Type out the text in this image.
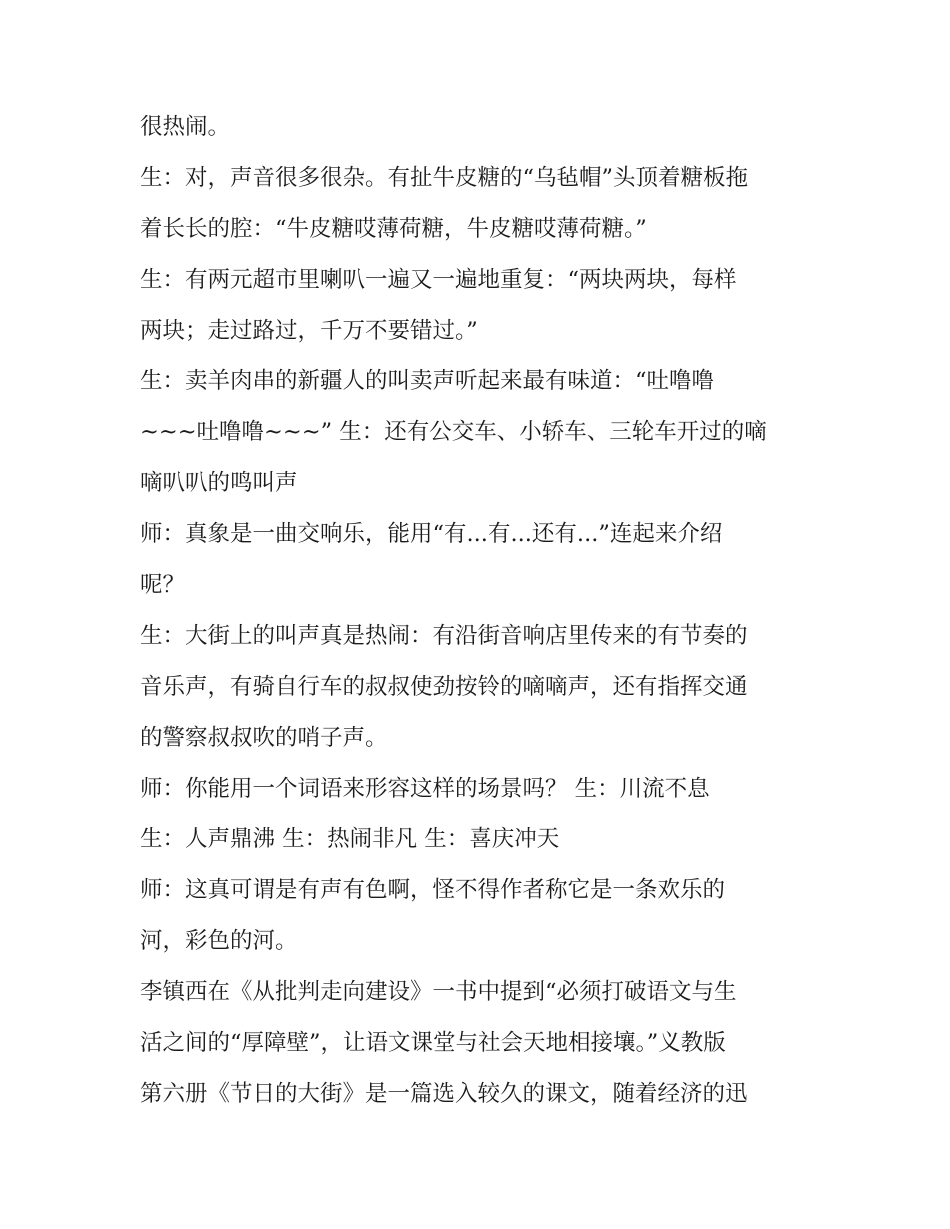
很热闹。
生：对，声音很多很杂。有扯牛皮糖的“乌毡帽”头顶着糖板拖
着长长的腔：“牛皮糖哎薄荷糖，牛皮糖哎薄荷糖。”
生：有两元超市里喇叭一遍又一遍地重复：“两块两块，每样
两块；走过路过，千万不要错过。”
生：卖羊肉串的新疆人的叫卖声听起来最有味道：“吐噜噜
~~~吐噜噜~~~” 生：还有公交车、小轿车、三轮车开过的嘀
嘀叭叭的鸣叫声
师：真象是一曲交响乐，能用“有...有...还有...”连起来介绍
呢？
生：大街上的叫声真是热闹：有沿街音响店里传来的有节奏的
音乐声，有骑自行车的叔叔使劲按铃的嘀嘀声，还有指挥交通
的警察叔叔吹的哨子声。
师：你能用一个词语来形容这样的场景吗？ 生：川流不息
生：人声鼎沸 生：热闹非凡 生：喜庆冲天
师：这真可谓是有声有色啊，怪不得作者称它是一条欢乐的
河，彩色的河。
李镇西在《从批判走向建设》一书中提到“必须打破语文与生
活之间的“厚障壁”，让语文课堂与社会天地相接壤。”义教版
第六册《节日的大街》是一篇选入较久的课文，随着经济的迅
